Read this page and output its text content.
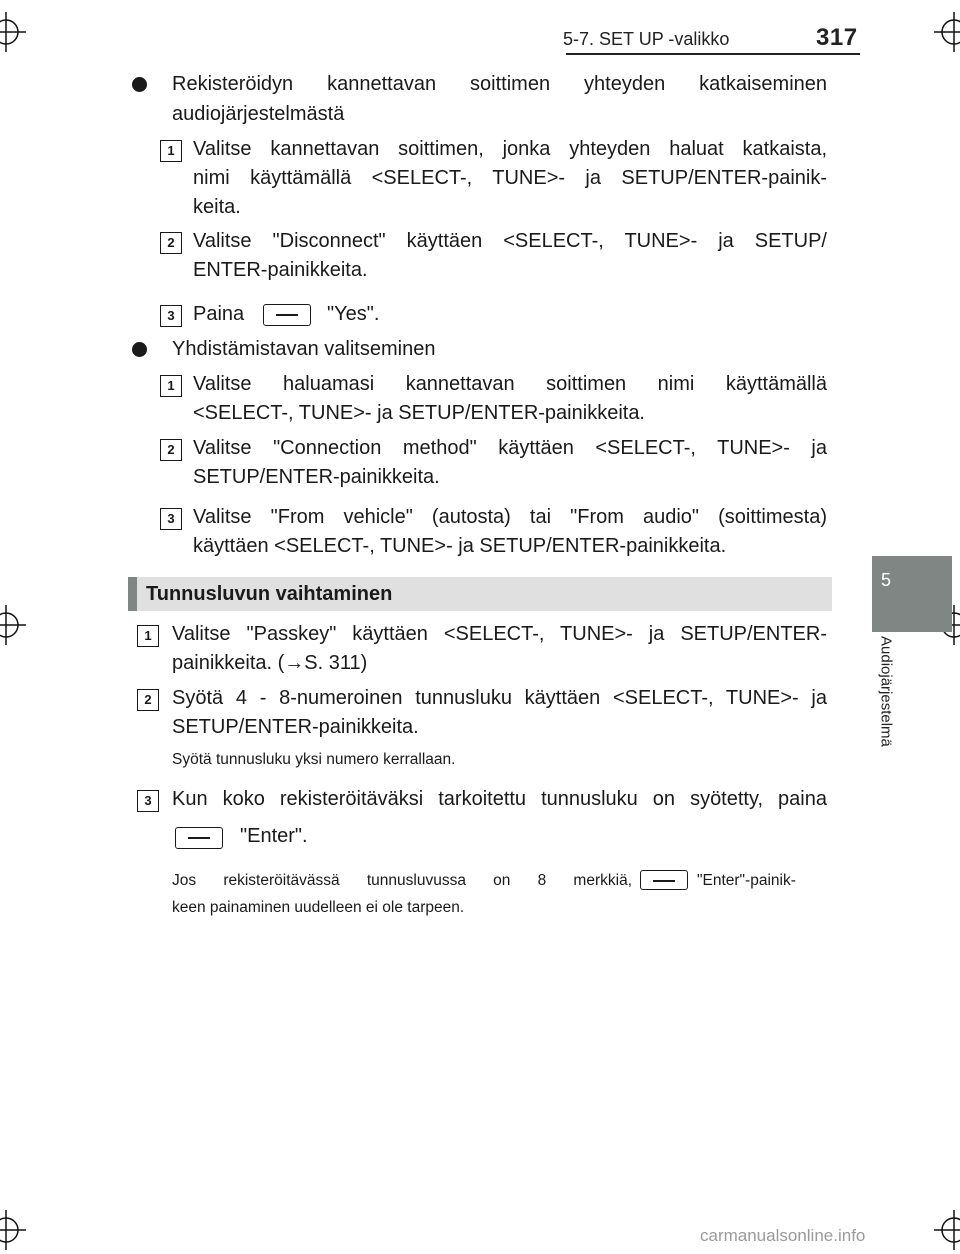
5-7. SET UP -valikko	317
5
Audiojärjestelmä
Rekisteröidyn kannettavan soittimen yhteyden katkaiseminen
audiojärjestelmästä
1 Valitse kannettavan soittimen, jonka yhteyden haluat katkaista,
nimi käyttämällä <SELECT-, TUNE>- ja SETUP/ENTER-painik-
keita.
2 Valitse "Disconnect" käyttäen <SELECT-, TUNE>- ja SETUP/
ENTER-painikkeita.
3 Paina	"Yes".
Yhdistämistavan valitseminen
1 Valitse haluamasi kannettavan soittimen nimi käyttämällä
<SELECT-, TUNE>- ja SETUP/ENTER-painikkeita.
2 Valitse "Connection method" käyttäen <SELECT-, TUNE>- ja
SETUP/ENTER-painikkeita.
3 Valitse "From vehicle" (autosta) tai "From audio" (soittimesta)
käyttäen <SELECT-, TUNE>- ja SETUP/ENTER-painikkeita.
Tunnusluvun vaihtaminen
1	Valitse "Passkey" käyttäen <SELECT-, TUNE>- ja SETUP/ENTER-
painikkeita. (→S. 311)
2	Syötä 4 - 8-numeroinen tunnusluku käyttäen <SELECT-, TUNE>- ja
SETUP/ENTER-painikkeita.
Syötä tunnusluku yksi numero kerrallaan.
3	Kun koko rekisteröitäväksi tarkoitettu tunnusluku on syötetty, paina
"Enter".
Jos rekisteröitävässä tunnusluvussa on 8 merkkiä,	"Enter"-painik-
keen painaminen uudelleen ei ole tarpeen.
carmanualsonline.info
